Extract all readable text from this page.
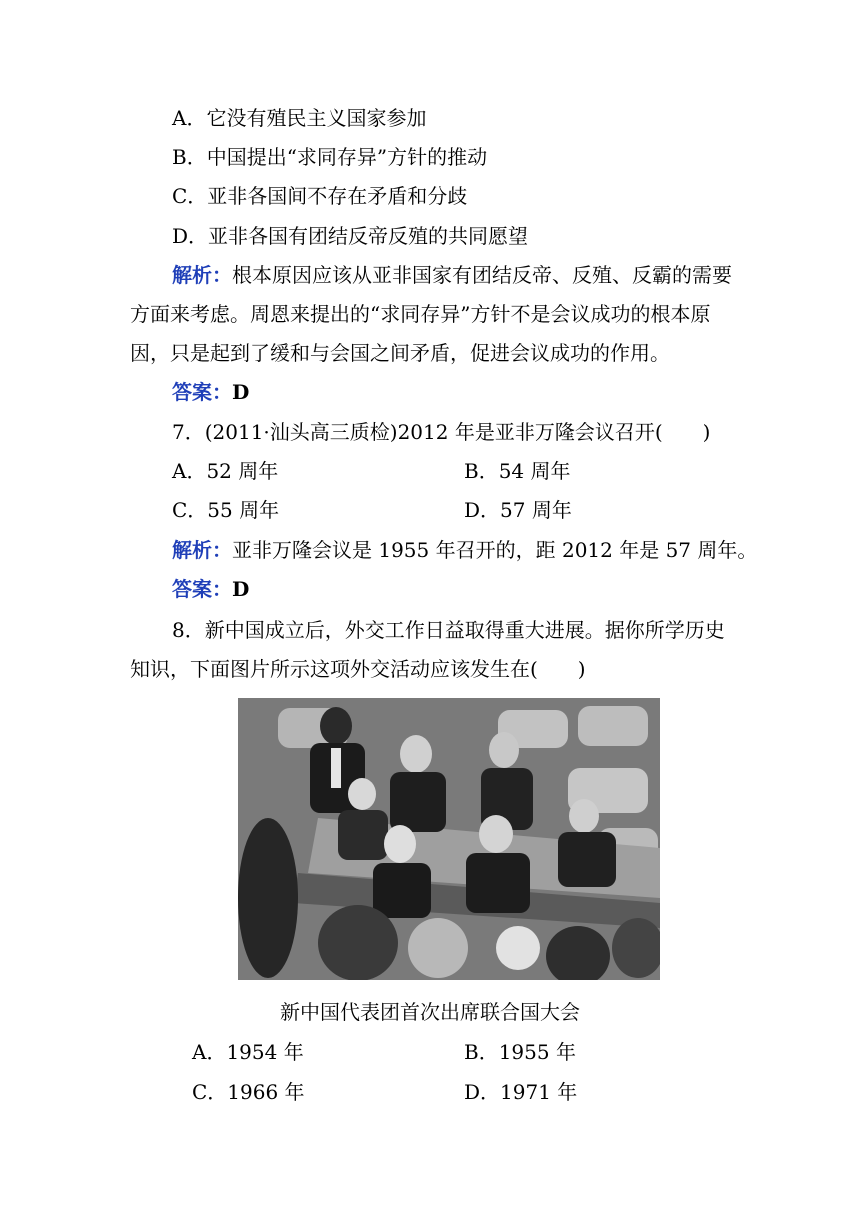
A．它没有殖民主义国家参加
B．中国提出“求同存异”方针的推动
C．亚非各国间不存在矛盾和分歧
D．亚非各国有团结反帝反殖的共同愿望
解析：根本原因应该从亚非国家有团结反帝、反殖、反霸的需要
方面来考虑。周恩来提出的“求同存异”方针不是会议成功的根本原
因，只是起到了缓和与会国之间矛盾，促进会议成功的作用。
答案：D
7．(2011·汕头高三质检)2012 年是亚非万隆会议召开(　　)
A．52 周年	B．54 周年
C．55 周年	D．57 周年
解析：亚非万隆会议是 1955 年召开的，距 2012 年是 57 周年。
答案：D
8．新中国成立后，外交工作日益取得重大进展。据你所学历史
知识，下面图片所示这项外交活动应该发生在(　　)
新中国代表团首次出席联合国大会
A．1954 年	B．1955 年
C．1966 年	D．1971 年
